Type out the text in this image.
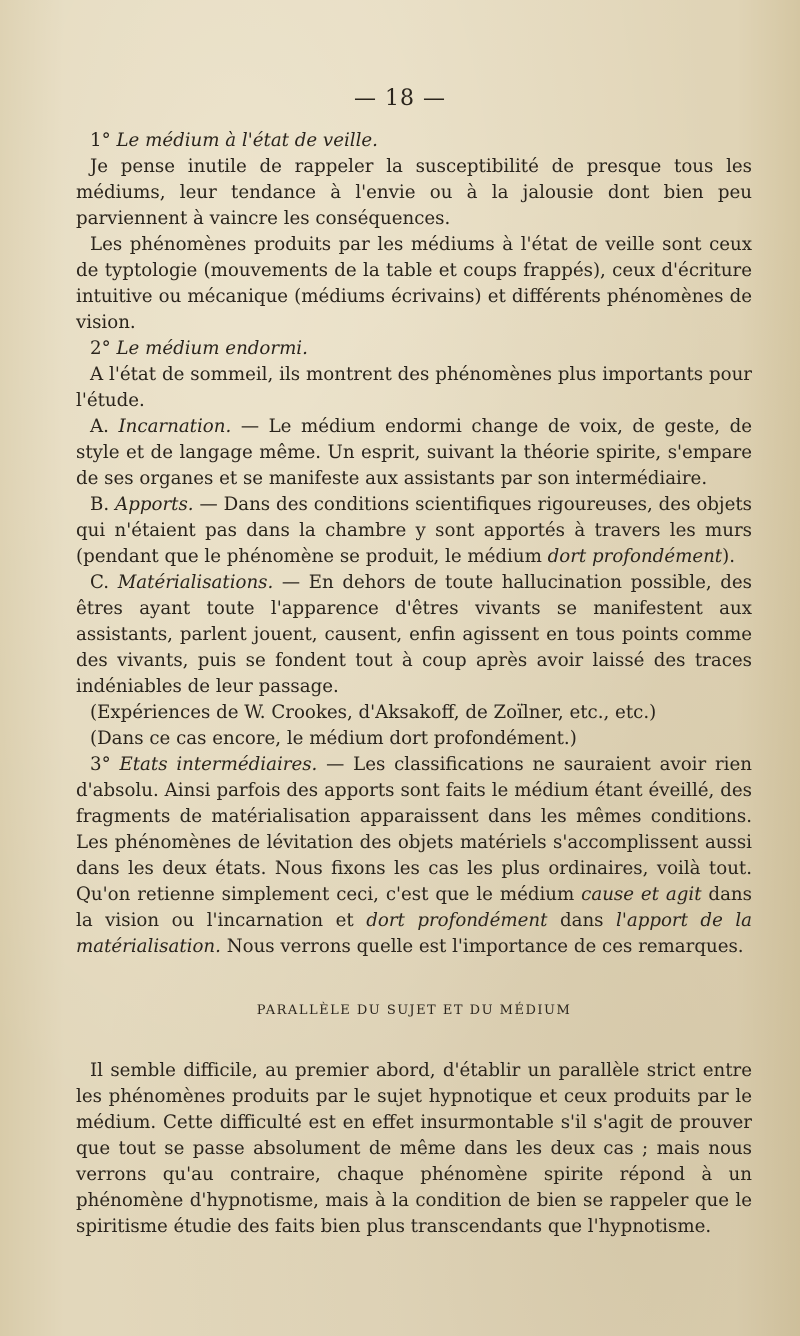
— 18 —

1° Le médium à l'état de veille.

Je pense inutile de rappeler la susceptibilité de presque tous les médiums, leur tendance à l'envie ou à la jalousie dont bien peu parviennent à vaincre les conséquences.

Les phénomènes produits par les médiums à l'état de veille sont ceux de typtologie (mouvements de la table et coups frappés), ceux d'écriture intuitive ou mécanique (médiums écrivains) et différents phénomènes de vision.

2° Le médium endormi.

A l'état de sommeil, ils montrent des phénomènes plus importants pour l'étude.

A. Incarnation. — Le médium endormi change de voix, de geste, de style et de langage même. Un esprit, suivant la théorie spirite, s'empare de ses organes et se manifeste aux assistants par son intermédiaire.

B. Apports. — Dans des conditions scientifiques rigoureuses, des objets qui n'étaient pas dans la chambre y sont apportés à travers les murs (pendant que le phénomène se produit, le médium dort profondément).

C. Matérialisations. — En dehors de toute hallucination possible, des êtres ayant toute l'apparence d'êtres vivants se manifestent aux assistants, parlent jouent, causent, enfin agissent en tous points comme des vivants, puis se fondent tout à coup après avoir laissé des traces indéniables de leur passage.

(Expériences de W. Crookes, d'Aksakoff, de Zoïlner, etc., etc.)

(Dans ce cas encore, le médium dort profondément.)

3° Etats intermédiaires. — Les classifications ne sauraient avoir rien d'absolu. Ainsi parfois des apports sont faits le médium étant éveillé, des fragments de matérialisation apparaissent dans les mêmes conditions. Les phénomènes de lévitation des objets matériels s'accomplissent aussi dans les deux états. Nous fixons les cas les plus ordinaires, voilà tout. Qu'on retienne simplement ceci, c'est que le médium cause et agit dans la vision ou l'incarnation et dort profondément dans l'apport de la matérialisation. Nous verrons quelle est l'importance de ces remarques.

PARALLÈLE DU SUJET ET DU MÉDIUM

Il semble difficile, au premier abord, d'établir un parallèle strict entre les phénomènes produits par le sujet hypnotique et ceux produits par le médium. Cette difficulté est en effet insurmontable s'il s'agit de prouver que tout se passe absolument de même dans les deux cas ; mais nous verrons qu'au contraire, chaque phénomène spirite répond à un phénomène d'hypnotisme, mais à la condition de bien se rappeler que le spiritisme étudie des faits bien plus transcendants que l'hypnotisme.
